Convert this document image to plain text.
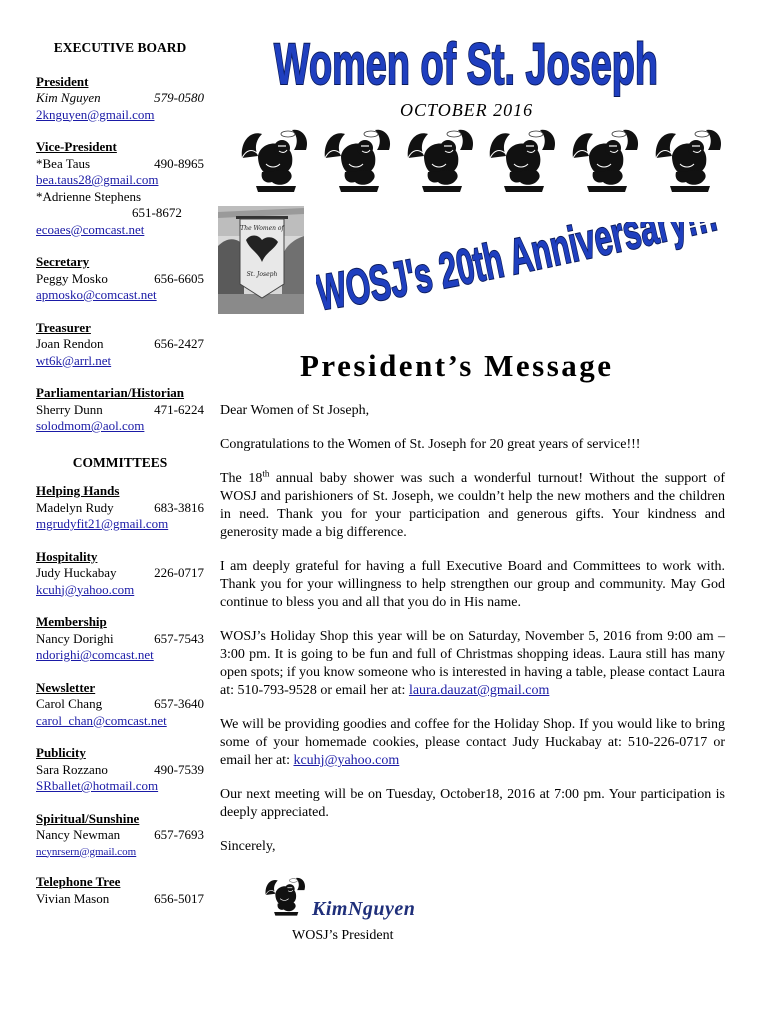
EXECUTIVE BOARD
President
Kim Nguyen	579-0580
2knguyen@gmail.com
Vice-President
*Bea Taus	490-8965
bea.taus28@gmail.com
*Adrienne Stephens
651-8672
ecoaes@comcast.net
Secretary
Peggy Mosko	656-6605
apmosko@comcast.net
Treasurer
Joan Rendon	656-2427
wt6k@arrl.net
Parliamentarian/Historian
Sherry Dunn	471-6224
solodmom@aol.com
COMMITTEES
Helping Hands
Madelyn Rudy	683-3816
mgrudyfit21@gmail.com
Hospitality
Judy Huckabay	226-0717
kcuhj@yahoo.com
Membership
Nancy Dorighi	657-7543
ndorighi@comcast.net
Newsletter
Carol Chang	657-3640
carol_chan@comcast.net
Publicity
Sara Rozzano	490-7539
SRballet@hotmail.com
Spiritual/Sunshine
Nancy Newman	657-7693
ncynrsern@gmail.com
Telephone Tree
Vivian Mason	656-5017
Women of St. Joseph
OCTOBER 2016
The Women of
St. Joseph WOSJ's 20th Anniversar
President’s Message

Dear Women of St Joseph,

Congratulations to the Women of St. Joseph for 20 great years of service!!!

The 18th annual baby shower was such a wonderful turnout! Without the support of WOSJ and parishioners of St. Joseph, we couldn’t help the new mothers and the children in need. Thank you for your participation and generous gifts. Your kindness and generosity made a big difference.

I am deeply grateful for having a full Executive Board and Committees to work with. Thank you for your willingness to help strengthen our group and community. May God continue to bless you and all that you do in His name.

WOSJ’s Holiday Shop this year will be on Saturday, November 5, 2016 from 9:00 am – 3:00 pm. It is going to be fun and full of Christmas shopping ideas. Laura still has many open spots; if you know someone who is interested in having a table, please contact Laura at: 510-793-9528 or email her at: laura.dauzat@gmail.com

We will be providing goodies and coffee for the Holiday Shop. If you would like to bring some of your homemade cookies, please contact Judy Huckabay at: 510-226-0717 or email her at: kcuhj@yahoo.com

Our next meeting will be on Tuesday, October18, 2016 at 7:00 pm. Your participation is deeply appreciated.

Sincerely,

KimNguyen
WOSJ’s President
